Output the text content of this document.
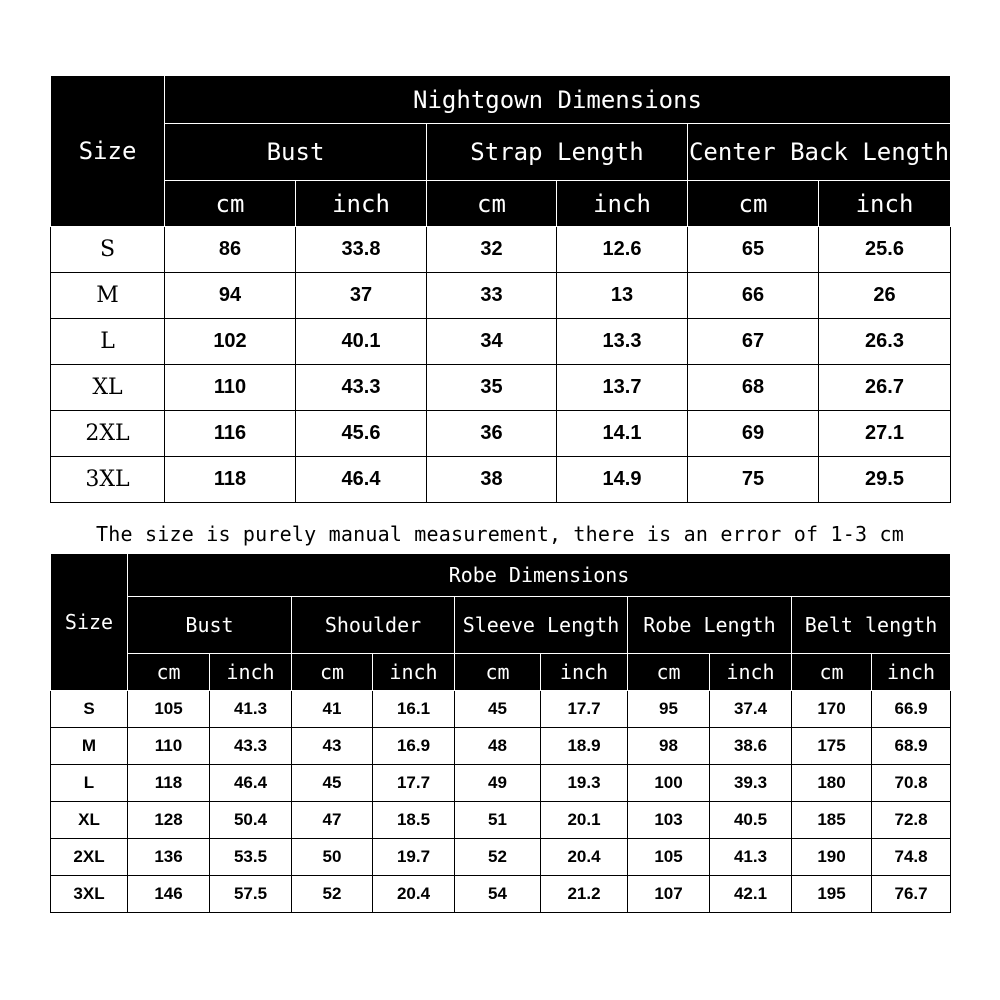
Size	Nightgown Dimensions					
	Bust		Strap Length		Center Back Length	
	cm	inch	cm	inch	cm	inch
S	86	33.8	32	12.6	65	25.6
M	94	37	33	13	66	26
L	102	40.1	34	13.3	67	26.3
XL	110	43.3	35	13.7	68	26.7
2XL	116	45.6	36	14.1	69	27.1
3XL	118	46.4	38	14.9	75	29.5
The size is purely manual measurement, there is an error of 1-3 cm
Size	Robe Dimensions									
	Bust		Shoulder		Sleeve Length		Robe Length		Belt length	
	cm	inch	cm	inch	cm	inch	cm	inch	cm	inch
S	105	41.3	41	16.1	45	17.7	95	37.4	170	66.9
M	110	43.3	43	16.9	48	18.9	98	38.6	175	68.9
L	118	46.4	45	17.7	49	19.3	100	39.3	180	70.8
XL	128	50.4	47	18.5	51	20.1	103	40.5	185	72.8
2XL	136	53.5	50	19.7	52	20.4	105	41.3	190	74.8
3XL	146	57.5	52	20.4	54	21.2	107	42.1	195	76.7
